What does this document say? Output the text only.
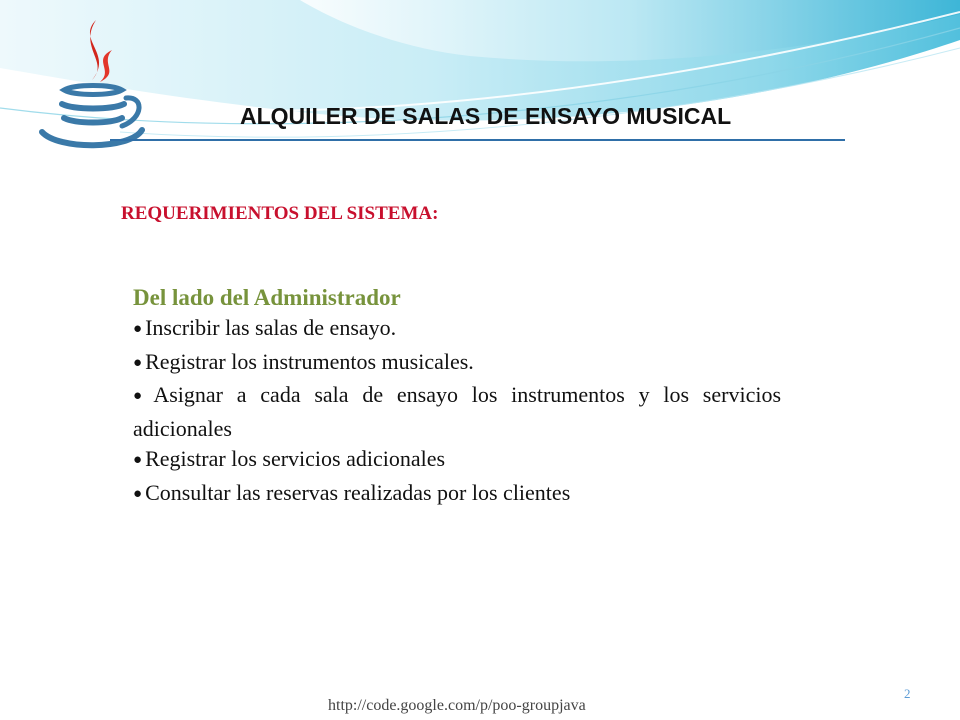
ALQUILER DE SALAS DE ENSAYO MUSICAL
REQUERIMIENTOS DEL SISTEMA:
Del lado del Administrador
● Inscribir las salas de ensayo.
● Registrar los instrumentos musicales.
● Asignar a cada sala de ensayo los instrumentos y los servicios adicionales
● Registrar los servicios adicionales
● Consultar las reservas realizadas por los clientes
http://code.google.com/p/poo-groupjava
2
